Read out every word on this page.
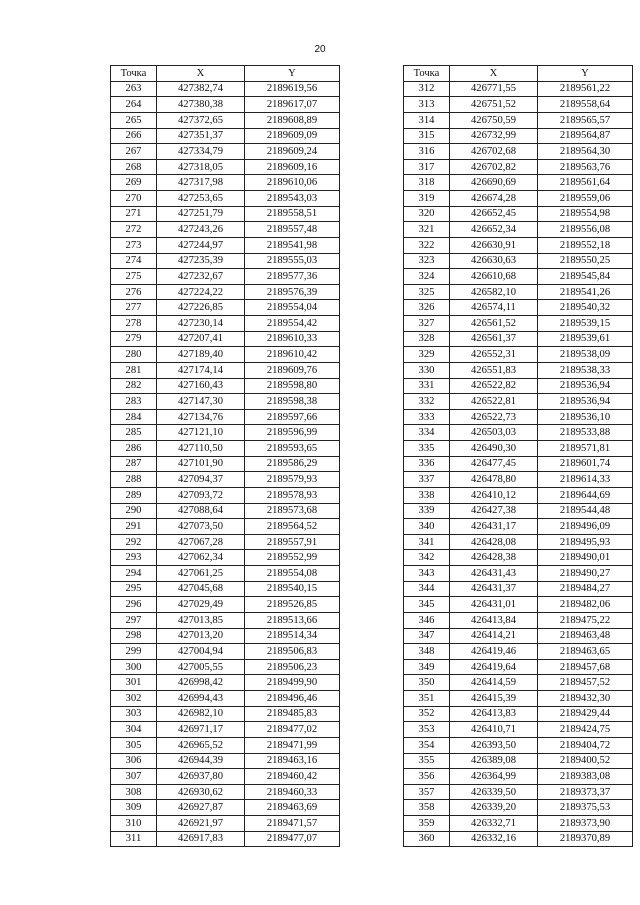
20
Точка	X	Y
263	427382,74	2189619,56
264	427380,38	2189617,07
265	427372,65	2189608,89
266	427351,37	2189609,09
267	427334,79	2189609,24
268	427318,05	2189609,16
269	427317,98	2189610,06
270	427253,65	2189543,03
271	427251,79	2189558,51
272	427243,26	2189557,48
273	427244,97	2189541,98
274	427235,39	2189555,03
275	427232,67	2189577,36
276	427224,22	2189576,39
277	427226,85	2189554,04
278	427230,14	2189554,42
279	427207,41	2189610,33
280	427189,40	2189610,42
281	427174,14	2189609,76
282	427160,43	2189598,80
283	427147,30	2189598,38
284	427134,76	2189597,66
285	427121,10	2189596,99
286	427110,50	2189593,65
287	427101,90	2189586,29
288	427094,37	2189579,93
289	427093,72	2189578,93
290	427088,64	2189573,68
291	427073,50	2189564,52
292	427067,28	2189557,91
293	427062,34	2189552,99
294	427061,25	2189554,08
295	427045,68	2189540,15
296	427029,49	2189526,85
297	427013,85	2189513,66
298	427013,20	2189514,34
299	427004,94	2189506,83
300	427005,55	2189506,23
301	426998,42	2189499,90
302	426994,43	2189496,46
303	426982,10	2189485,83
304	426971,17	2189477,02
305	426965,52	2189471,99
306	426944,39	2189463,16
307	426937,80	2189460,42
308	426930,62	2189460,33
309	426927,87	2189463,69
310	426921,97	2189471,57
311	426917,83	2189477,07
Точка	X	Y
312	426771,55	2189561,22
313	426751,52	2189558,64
314	426750,59	2189565,57
315	426732,99	2189564,87
316	426702,68	2189564,30
317	426702,82	2189563,76
318	426690,69	2189561,64
319	426674,28	2189559,06
320	426652,45	2189554,98
321	426652,34	2189556,08
322	426630,91	2189552,18
323	426630,63	2189550,25
324	426610,68	2189545,84
325	426582,10	2189541,26
326	426574,11	2189540,32
327	426561,52	2189539,15
328	426561,37	2189539,61
329	426552,31	2189538,09
330	426551,83	2189538,33
331	426522,82	2189536,94
332	426522,81	2189536,94
333	426522,73	2189536,10
334	426503,03	2189533,88
335	426490,30	2189571,81
336	426477,45	2189601,74
337	426478,80	2189614,33
338	426410,12	2189644,69
339	426427,38	2189544,48
340	426431,17	2189496,09
341	426428,08	2189495,93
342	426428,38	2189490,01
343	426431,43	2189490,27
344	426431,37	2189484,27
345	426431,01	2189482,06
346	426413,84	2189475,22
347	426414,21	2189463,48
348	426419,46	2189463,65
349	426419,64	2189457,68
350	426414,59	2189457,52
351	426415,39	2189432,30
352	426413,83	2189429,44
353	426410,71	2189424,75
354	426393,50	2189404,72
355	426389,08	2189400,52
356	426364,99	2189383,08
357	426339,50	2189373,37
358	426339,20	2189375,53
359	426332,71	2189373,90
360	426332,16	2189370,89
